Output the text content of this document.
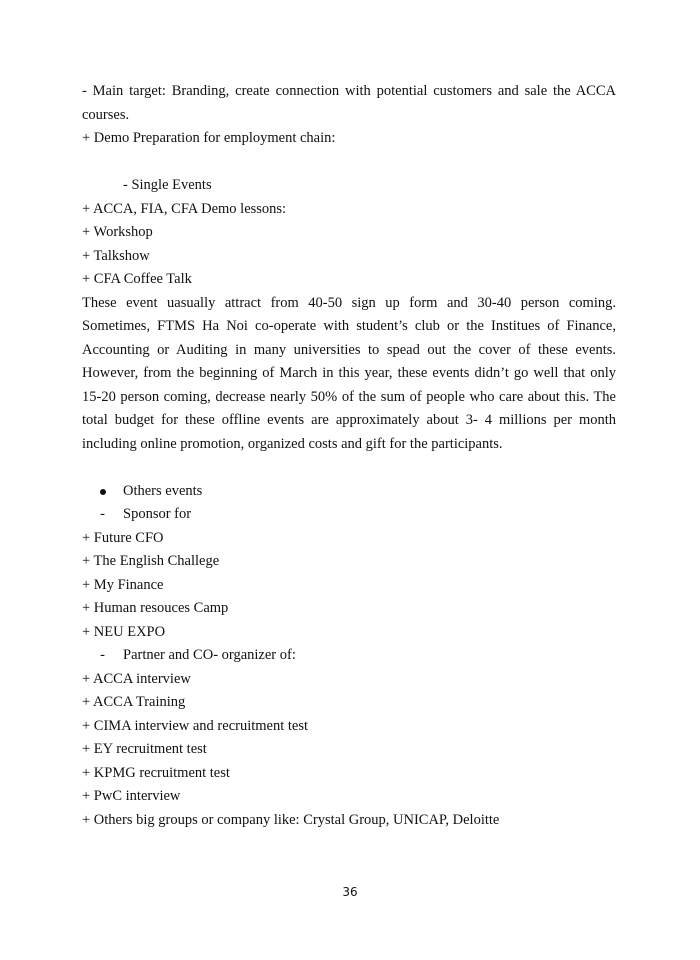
- Main target: Branding, create connection with potential customers and sale the ACCA courses.
+ Demo Preparation for employment chain:
- Single Events
+ ACCA, FIA, CFA Demo lessons:
+ Workshop
+ Talkshow
+ CFA Coffee Talk
These event uasually attract from 40-50 sign up form and 30-40 person coming. Sometimes, FTMS Ha Noi co-operate with student’s club or the Institues of Finance, Accounting or Auditing in many universities to spead out the cover of these events. However, from the beginning of March in this year, these events didn’t go well that only 15-20 person coming, decrease nearly 50% of the sum of people who care about this. The total budget for these offline events are approximately about 3- 4 millions per month including online promotion, organized costs and gift for the participants.
Others events
-	Sponsor for
+ Future CFO
+ The English Challege
+ My Finance
+ Human resouces Camp
+ NEU EXPO
-	Partner and CO- organizer of:
+ ACCA interview
+ ACCA Training
+ CIMA interview and recruitment test
+ EY recruitment test
+ KPMG recruitment test
+ PwC interview
+ Others big groups or company like: Crystal Group, UNICAP, Deloitte
36
